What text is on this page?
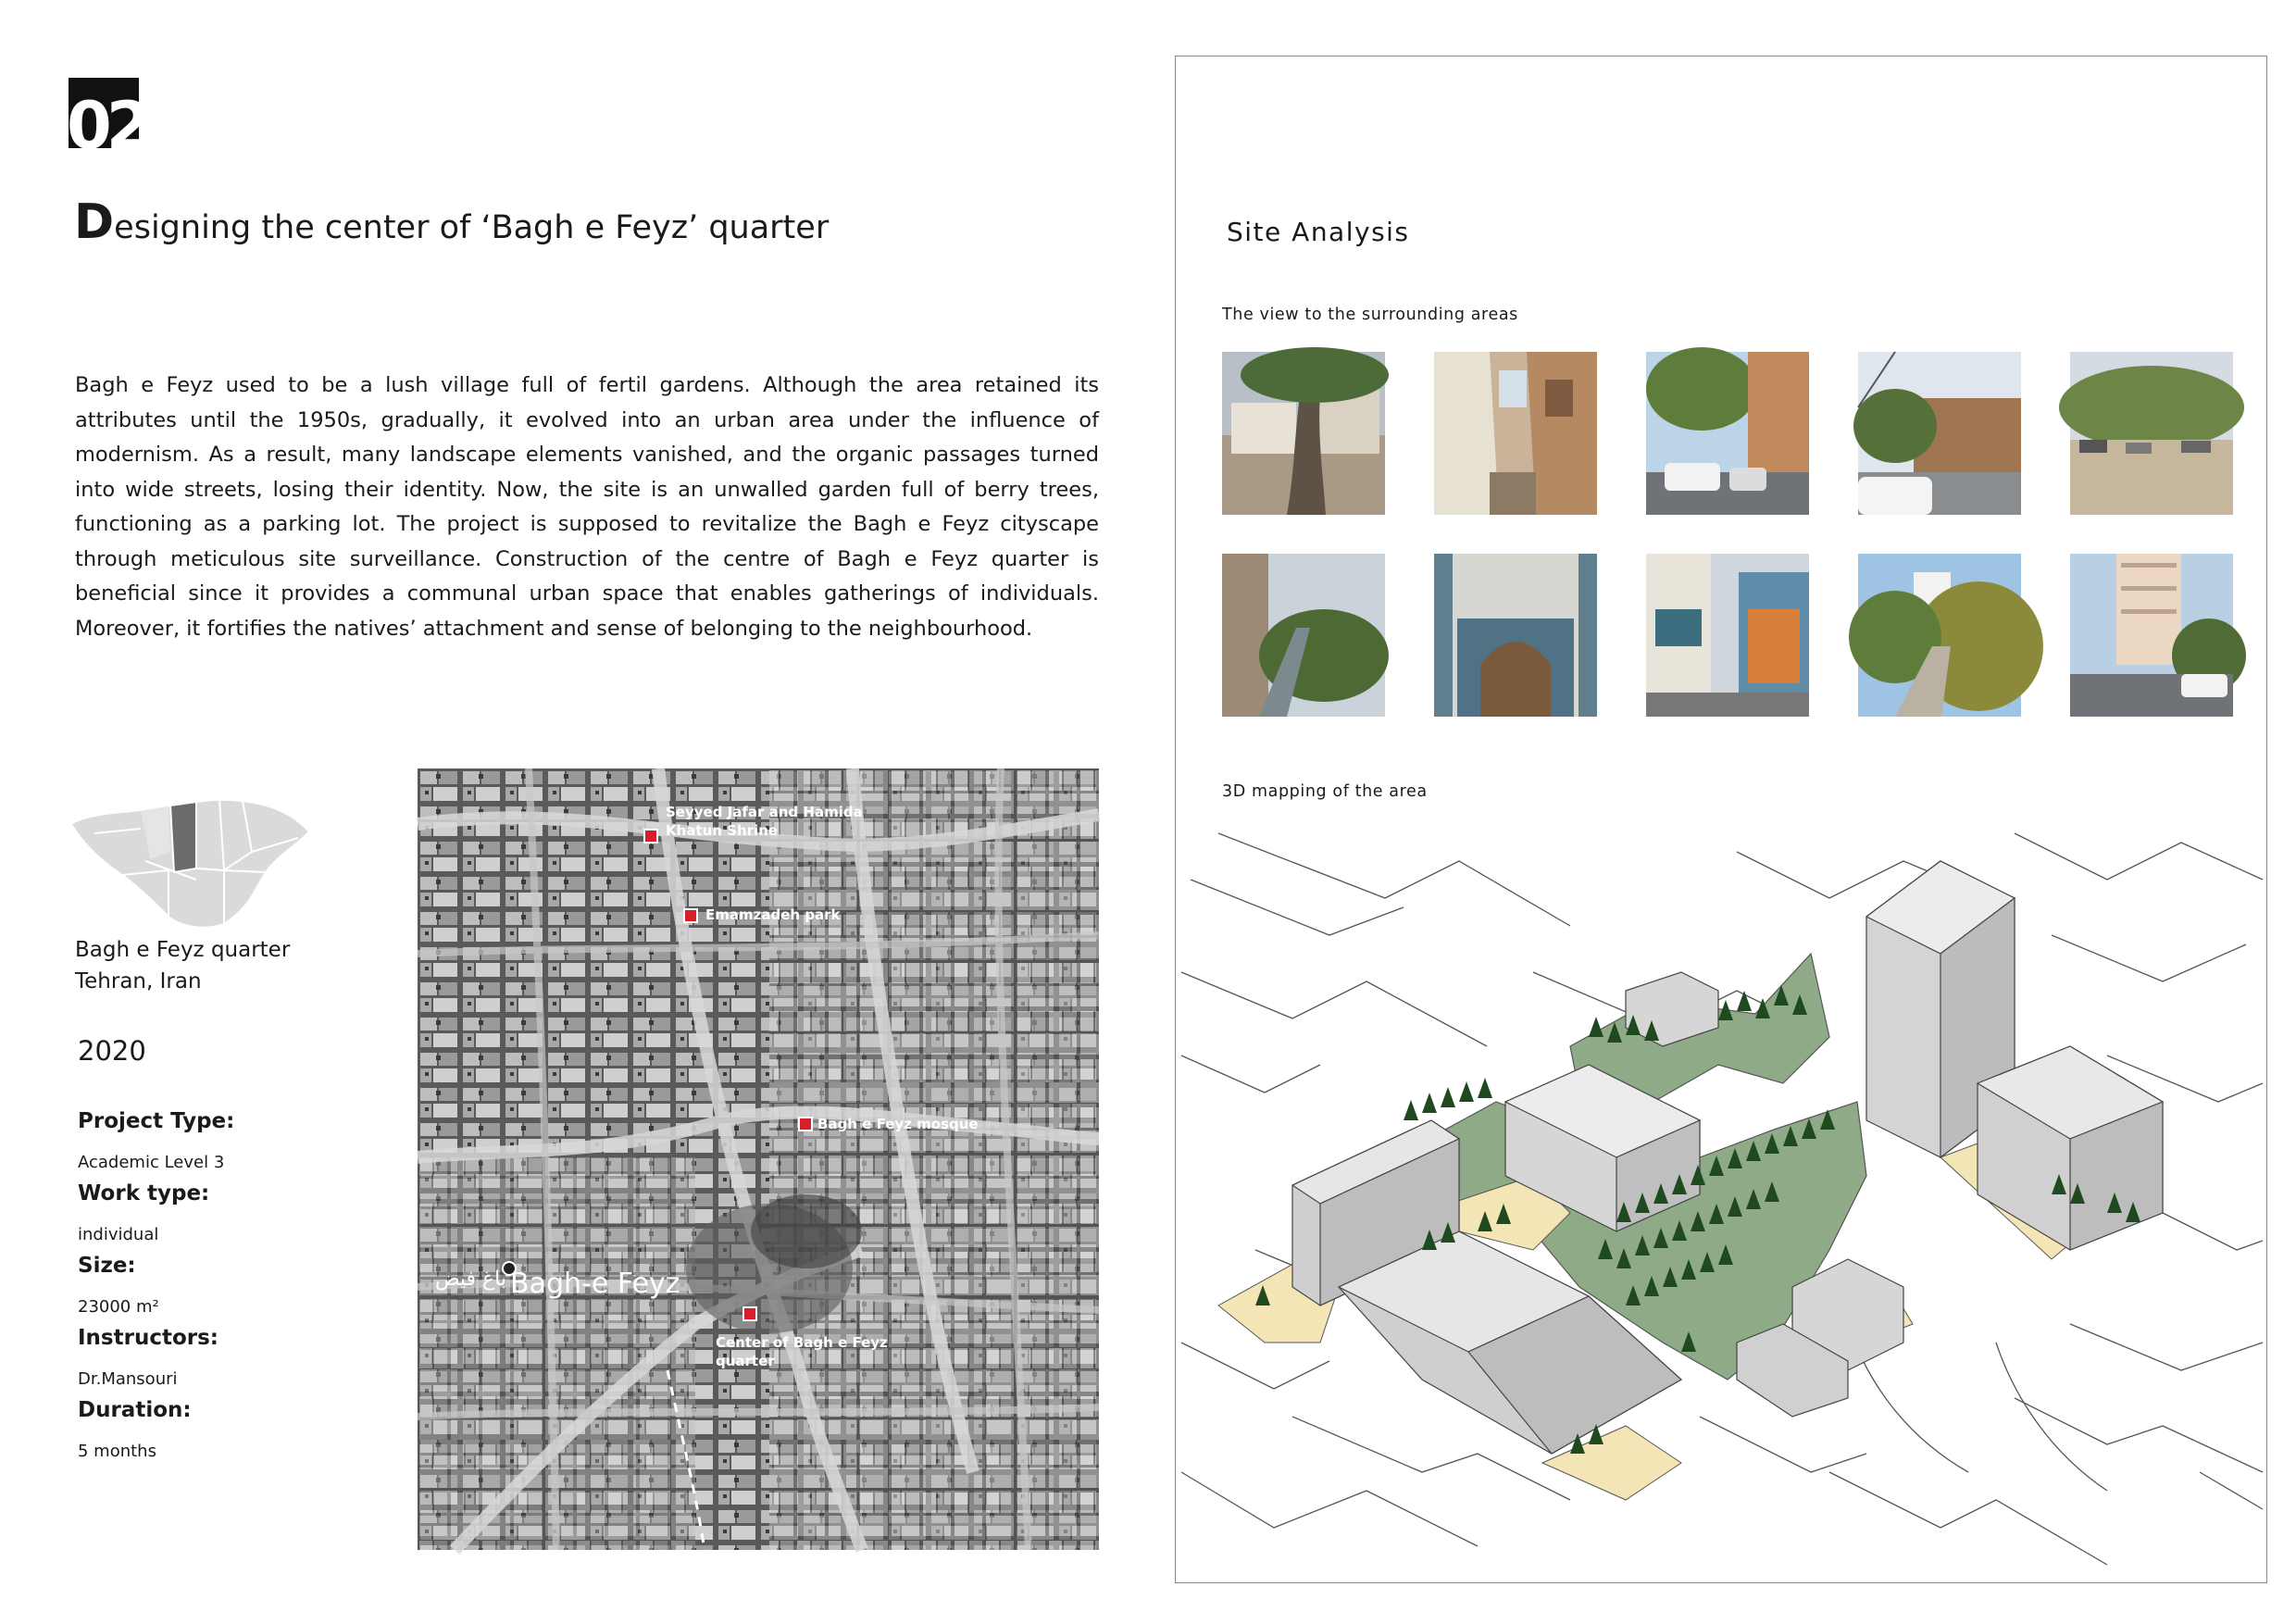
02
Designing the center of ‘Bagh e Feyz’ quarter
Bagh e Feyz used to be a lush village full of fertil gardens. Although the area retained its attributes until the 1950s, gradually, it evolved into an urban area under the influence of modernism. As a result, many landscape elements vanished, and the organic passages turned into wide streets, losing their identity. Now, the site is an unwalled garden full of berry trees, functioning as a parking lot. The project is supposed to revitalize the Bagh e Feyz cityscape through meticulous site surveillance. Construction of the centre of Bagh e Feyz quarter is beneficial since it provides a communal urban space that enables gatherings of individuals. Moreover, it fortifies the natives’ attachment and sense of belonging to the neighbourhood.
Bagh e Feyz quarter
Tehran, Iran
2020
Project Type:
Academic Level 3
Work type:
individual
Size:
23000 m²
Instructors:
Dr.Mansouri
Duration:
5 months
Seyyed Jafar and Hamida
Khatun Shrine
Emamzadeh park
Bagh e Feyz mosque
Center of Bagh e Feyz
quarter
Bagh-e Feyz
باغ فیض
Site Analysis
The view to the surrounding areas
3D mapping of the area
